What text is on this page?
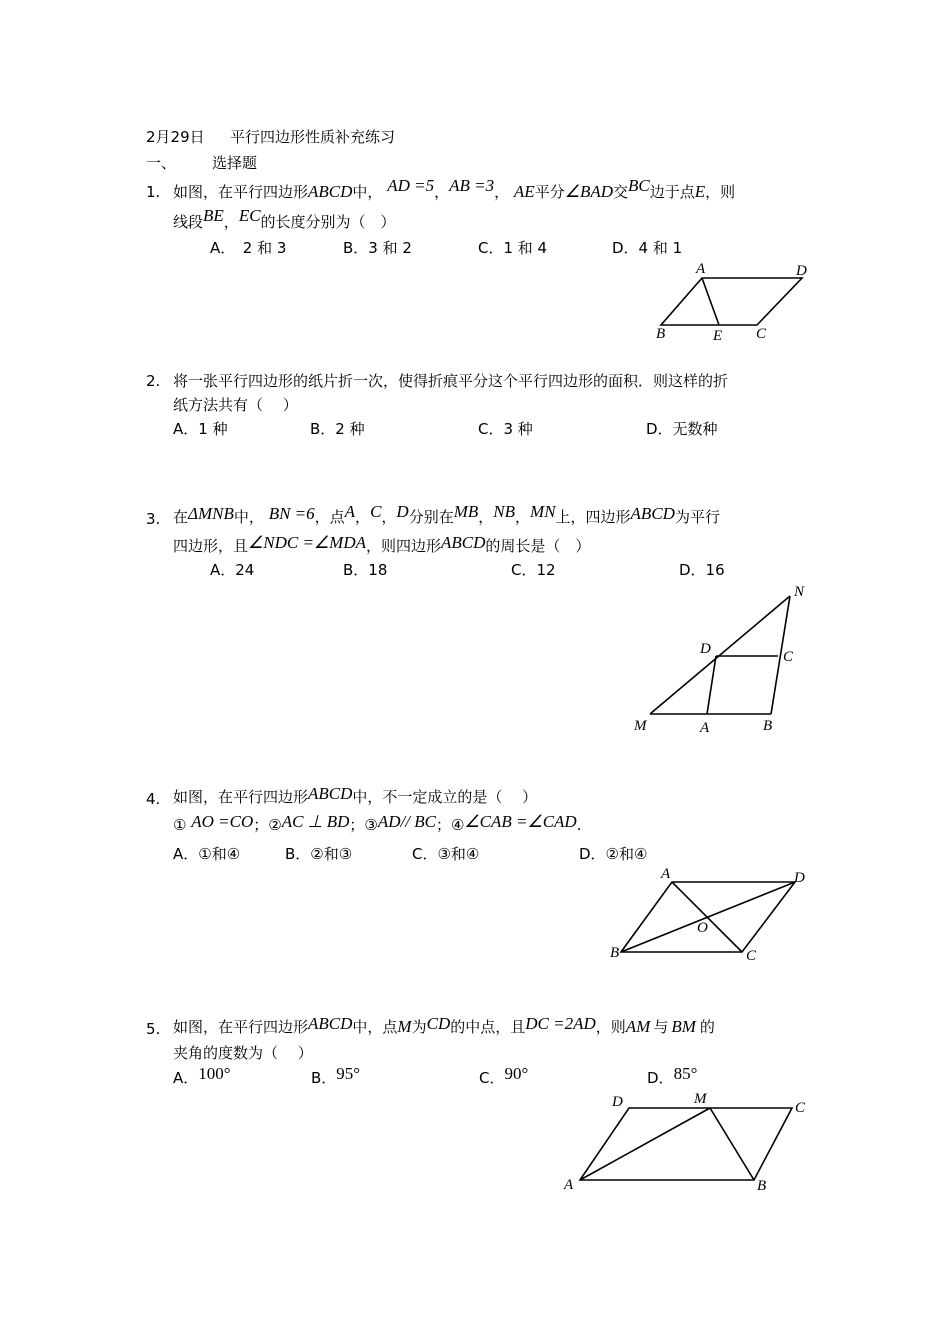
2月29日 平行四边形性质补充练习
一、 选择题
1. 如图，在平行四边形ABCD中， AD =5，AB =3， AE平分∠BAD交BC边于点E，则
线段BE，EC的长度分别为（　）
A．　2 和 3	B．3 和 2	C．1 和 4	D．4 和 1
A	D
B	E C
2. 将一张平行四边形的纸片折一次，使得折痕平分这个平行四边形的面积．则这样的折
纸方法共有（　 ）
A．1 种	B．2 种	C．3 种	D．无数种
3. 在ΔMNB中， BN =6，点A，C，D分别在MB，NB，MN上，四边形ABCD为平行
四边形，且∠NDC =∠MDA，则四边形ABCD的周长是（　）
A．24	B．18	C．12	D．16
N
D	C
M	A	B
4. 如图，在平行四边形ABCD中，不一定成立的是（　 ）
① AO =CO；②AC ⊥ BD；③AD// BC；④∠CAB =∠CAD.
A．①和④	B．②和③	C．③和④	D．②和④
A	D
O
B	C
5. 如图，在平行四边形ABCD中，点M为CD的中点，且DC =2AD，则AM 与 BM 的
夹角的度数为（　 ）
A．100°	B．95°	C．90°	D．85°
D	M
C
A	B
